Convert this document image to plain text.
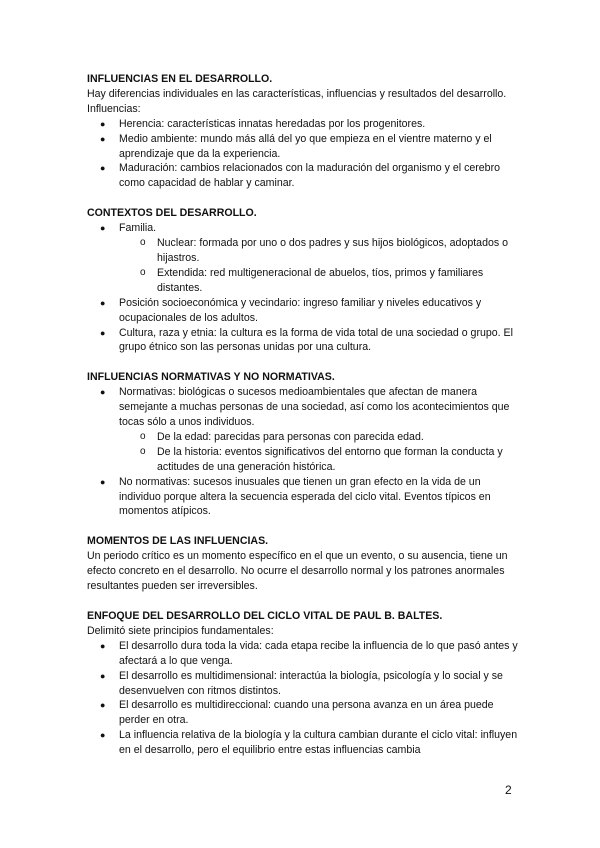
INFLUENCIAS EN EL DESARROLLO.

Hay diferencias individuales en las características, influencias y resultados del desarrollo.

Influencias:

● Herencia: características innatas heredadas por los progenitores.
● Medio ambiente: mundo más allá del yo que empieza en el vientre materno y el aprendizaje que da la experiencia.
● Maduración: cambios relacionados con la maduración del organismo y el cerebro como capacidad de hablar y caminar.

CONTEXTOS DEL DESARROLLO.

● Familia.
o Nuclear: formada por uno o dos padres y sus hijos biológicos, adoptados o hijastros.
o Extendida: red multigeneracional de abuelos, tíos, primos y familiares distantes.
● Posición socioeconómica y vecindario: ingreso familiar y niveles educativos y ocupacionales de los adultos.
● Cultura, raza y etnia: la cultura es la forma de vida total de una sociedad o grupo. El grupo étnico son las personas unidas por una cultura.

INFLUENCIAS NORMATIVAS Y NO NORMATIVAS.

● Normativas: biológicas o sucesos medioambientales que afectan de manera semejante a muchas personas de una sociedad, así como los acontecimientos que tocas sólo a unos individuos.
o De la edad: parecidas para personas con parecida edad.
o De la historia: eventos significativos del entorno que forman la conducta y actitudes de una generación histórica.
● No normativas: sucesos inusuales que tienen un gran efecto en la vida de un individuo porque altera la secuencia esperada del ciclo vital. Eventos típicos en momentos atípicos.

MOMENTOS DE LAS INFLUENCIAS.

Un periodo crítico es un momento específico en el que un evento, o su ausencia, tiene un efecto concreto en el desarrollo. No ocurre el desarrollo normal y los patrones anormales resultantes pueden ser irreversibles.

ENFOQUE DEL DESARROLLO DEL CICLO VITAL DE PAUL B. BALTES.

Delimitó siete principios fundamentales:

● El desarrollo dura toda la vida: cada etapa recibe la influencia de lo que pasó antes y afectará a lo que venga.
● El desarrollo es multidimensional: interactúa la biología, psicología y lo social y se desenvuelven con ritmos distintos.
● El desarrollo es multidireccional: cuando una persona avanza en un área puede perder en otra.
● La influencia relativa de la biología y la cultura cambian durante el ciclo vital: influyen en el desarrollo, pero el equilibrio entre estas influencias cambia
2
